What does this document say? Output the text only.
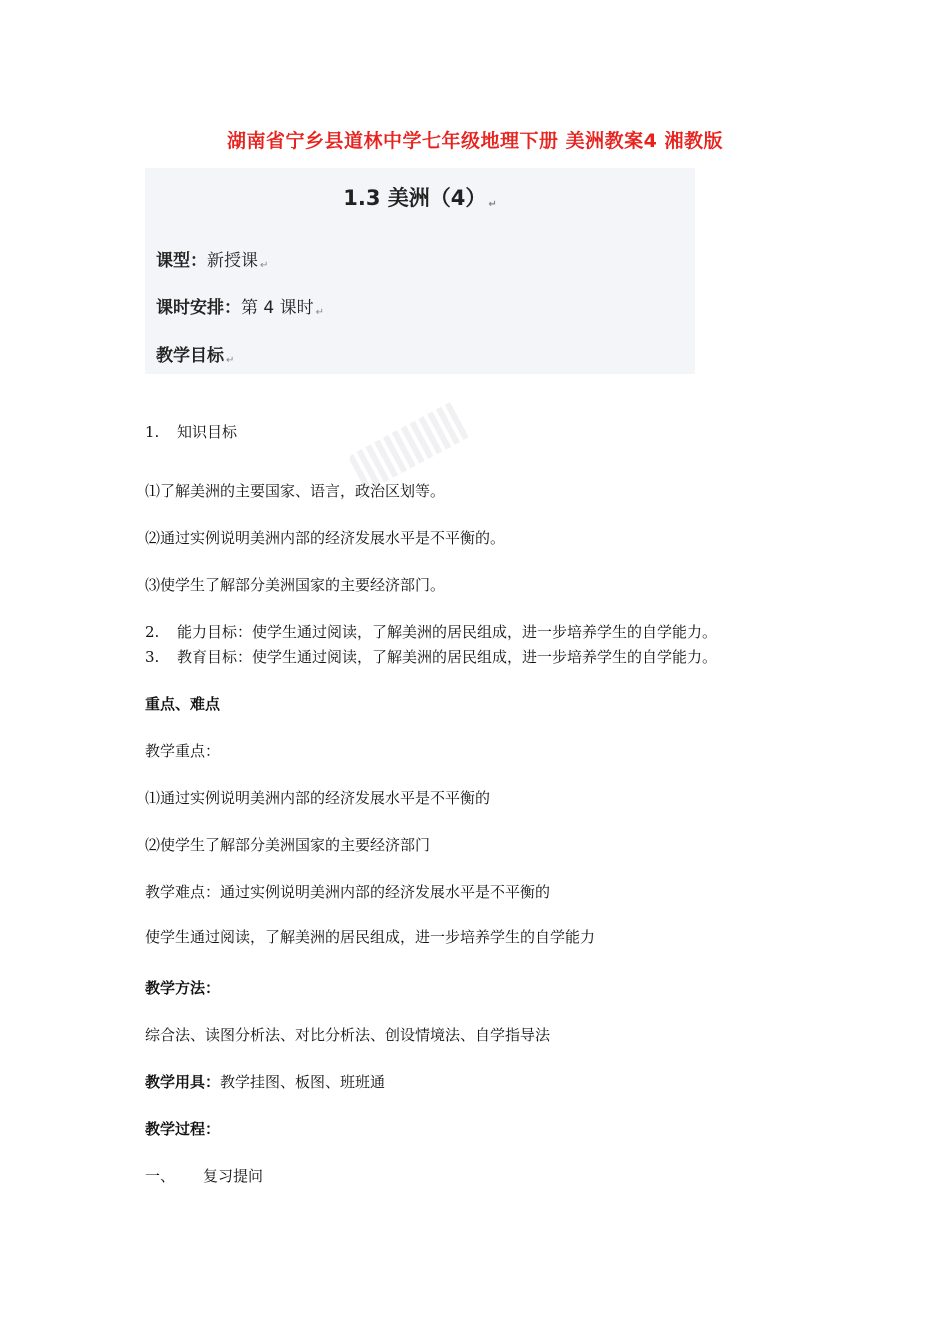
湖南省宁乡县道林中学七年级地理下册 美洲教案4 湘教版
1.3 美洲（4） ↵
课型：新授课 ↵
课时安排：第 4 课时 ↵
教学目标 ↵
1. 知识目标
⑴了解美洲的主要国家、语言，政治区划等。
⑵通过实例说明美洲内部的经济发展水平是不平衡的。
⑶使学生了解部分美洲国家的主要经济部门。
2. 能力目标：使学生通过阅读，了解美洲的居民组成，进一步培养学生的自学能力。
3. 教育目标：使学生通过阅读，了解美洲的居民组成，进一步培养学生的自学能力。
重点、难点
教学重点：
⑴通过实例说明美洲内部的经济发展水平是不平衡的
⑵使学生了解部分美洲国家的主要经济部门
教学难点：通过实例说明美洲内部的经济发展水平是不平衡的
使学生通过阅读，了解美洲的居民组成，进一步培养学生的自学能力
教学方法：
综合法、读图分析法、对比分析法、创设情境法、自学指导法
教学用具：教学挂图、板图、班班通
教学过程：
一、 复习提问
